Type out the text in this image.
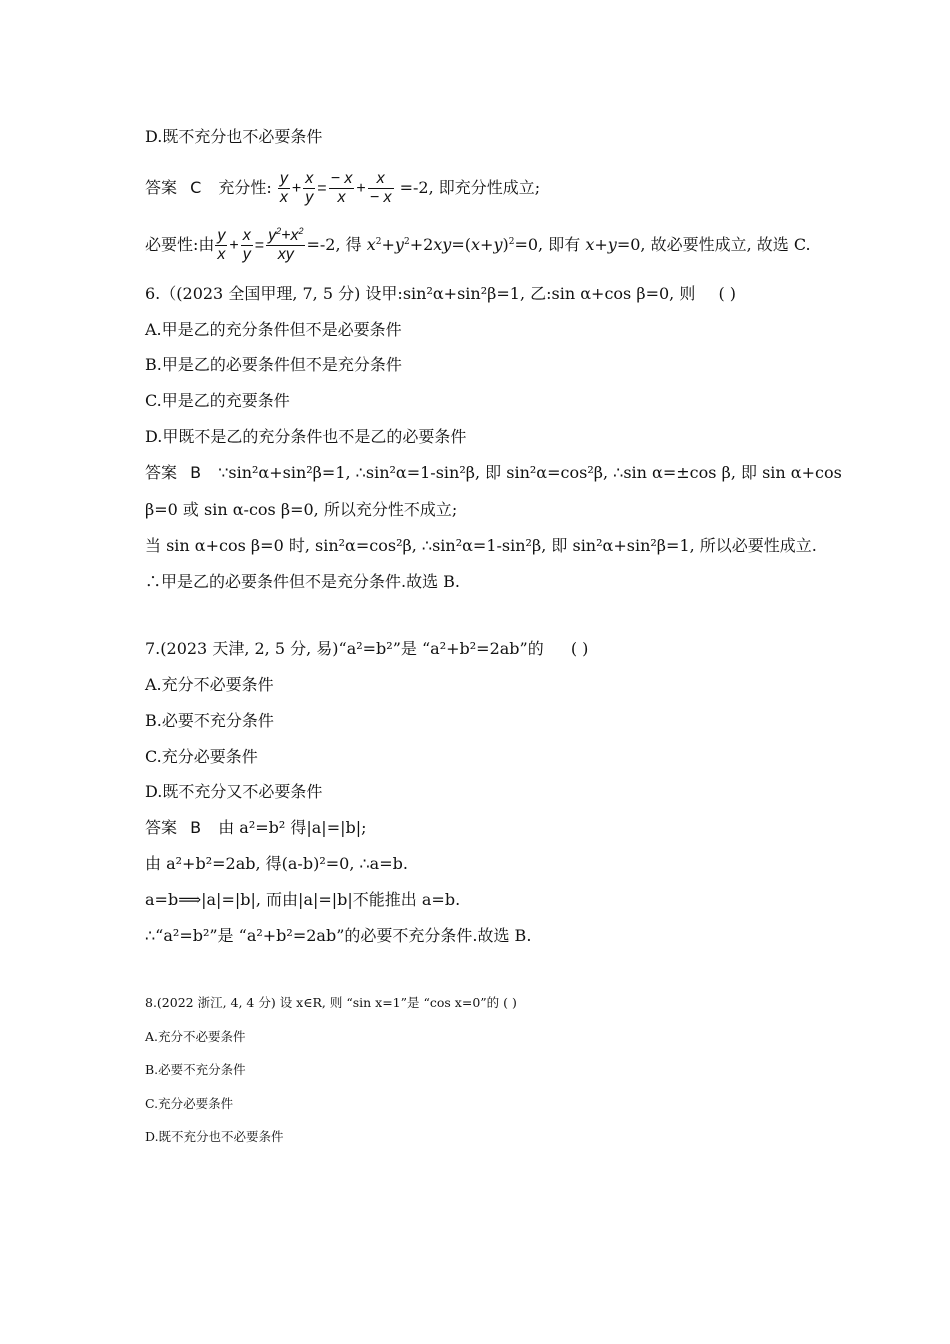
D.既不充分也不必要条件
答案 C 充分性: $\frac{y}{x} + \frac{x}{y} = \frac{- x}{x} + \frac{x}{- x} =-2$, 即充分性成立;
必要性:由 $\frac{y}{x} + \frac{x}{y} = \frac{y^2+x^2}{xy} =-2$, 得 $x^2+y^2+2xy=(x+y)^2=0$, 即有 x+y=0, 故必要性成立, 故选 C.
6.（(2023 全国甲理, 7, 5 分) 设甲:sin²α+sin²β=1, 乙:sin α+cos β=0, 则 ( )
A.甲是乙的充分条件但不是必要条件
B.甲是乙的必要条件但不是充分条件
C.甲是乙的充要条件
D.甲既不是乙的充分条件也不是乙的必要条件
答案 B ∵sin²α+sin²β=1, ∴sin²α=1-sin²β, 即 sin²α=cos²β, ∴sin α=±cos β, 即 sin α+cos
β=0 或 sin α-cos β=0, 所以充分性不成立;
当 sin α+cos β=0 时, sin²α=cos²β, ∴sin²α=1-sin²β, 即 sin²α+sin²β=1, 所以必要性成立.
∴甲是乙的必要条件但不是充分条件.故选 B.
7.(2023 天津, 2, 5 分, 易)“a²=b²”是 “a²+b²=2ab”的 ( )
A.充分不必要条件
B.必要不充分条件
C.充分必要条件
D.既不充分又不必要条件
答案 B 由 a²=b² 得|a|=|b|;
由 a²+b²=2ab, 得(a-b)²=0, ∴a=b.
a=b⟹|a|=|b|, 而由|a|=|b|不能推出 a=b.
∴“a²=b²”是 “a²+b²=2ab”的必要不充分条件.故选 B.
8.(2022 浙江, 4, 4 分) 设 x∈R, 则 “sin x=1”是 “cos x=0”的 ( )
A.充分不必要条件
B.必要不充分条件
C.充分必要条件
D.既不充分也不必要条件
